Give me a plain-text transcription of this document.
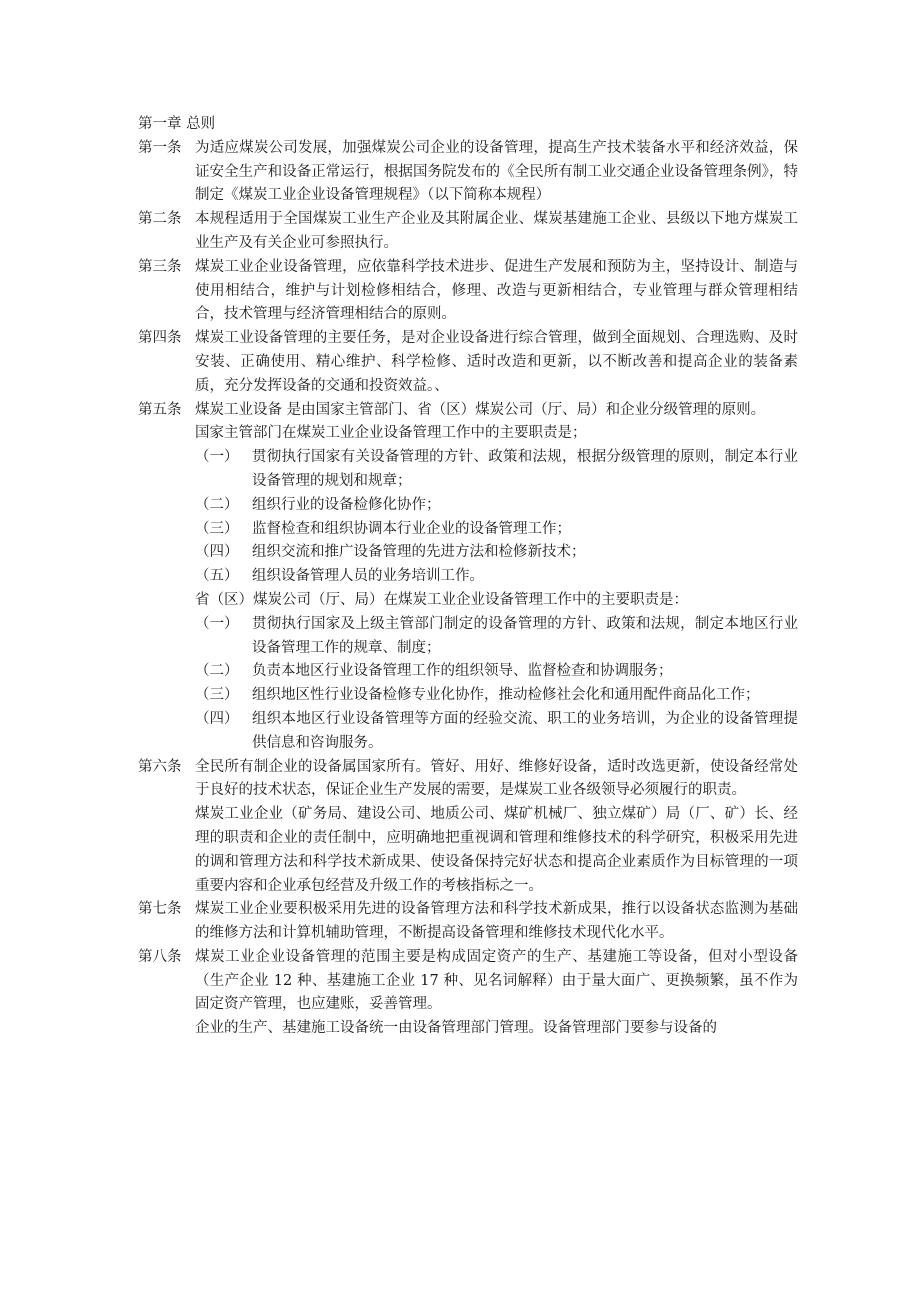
第一章 总则
第一条 为适应煤炭公司发展，加强煤炭公司企业的设备管理，提高生产技术装备水平和经济效益，保证安全生产和设备正常运行，根据国务院发布的《全民所有制工业交通企业设备管理条例》，特制定《煤炭工业企业设备管理规程》（以下简称本规程）
第二条 本规程适用于全国煤炭工业生产企业及其附属企业、煤炭基建施工企业、县级以下地方煤炭工业生产及有关企业可参照执行。
第三条 煤炭工业企业设备管理，应依靠科学技术进步、促进生产发展和预防为主，坚持设计、制造与使用相结合，维护与计划检修相结合，修理、改造与更新相结合，专业管理与群众管理相结合，技术管理与经济管理相结合的原则。
第四条 煤炭工业设备管理的主要任务，是对企业设备进行综合管理，做到全面规划、合理选购、及时安装、正确使用、精心维护、科学检修、适时改造和更新，以不断改善和提高企业的装备素质，充分发挥设备的交通和投资效益。、
第五条 煤炭工业设备 是由国家主管部门、省（区）煤炭公司（厅、局）和企业分级管理的原则。
国家主管部门在煤炭工业企业设备管理工作中的主要职责是；
（一） 贯彻执行国家有关设备管理的方针、政策和法规，根据分级管理的原则，制定本行业设备管理的规划和规章；
（二） 组织行业的设备检修化协作；
（三） 监督检查和组织协调本行业企业的设备管理工作；
（四） 组织交流和推广设备管理的先进方法和检修新技术；
（五） 组织设备管理人员的业务培训工作。
省（区）煤炭公司（厅、局）在煤炭工业企业设备管理工作中的主要职责是：
（一） 贯彻执行国家及上级主管部门制定的设备管理的方针、政策和法规，制定本地区行业设备管理工作的规章、制度；
（二） 负责本地区行业设备管理工作的组织领导、监督检查和协调服务；
（三） 组织地区性行业设备检修专业化协作，推动检修社会化和通用配件商品化工作；
（四） 组织本地区行业设备管理等方面的经验交流、职工的业务培训，为企业的设备管理提供信息和咨询服务。
第六条 全民所有制企业的设备属国家所有。管好、用好、维修好设备，适时改选更新，使设备经常处于良好的技术状态，保证企业生产发展的需要，是煤炭工业各级领导必须履行的职责。
煤炭工业企业（矿务局、建设公司、地质公司、煤矿机械厂、独立煤矿）局（厂、矿）长、经理的职责和企业的责任制中，应明确地把重视调和管理和维修技术的科学研究，积极采用先进的调和管理方法和科学技术新成果、使设备保持完好状态和提高企业素质作为目标管理的一项重要内容和企业承包经营及升级工作的考核指标之一。
第七条 煤炭工业企业要积极采用先进的设备管理方法和科学技术新成果，推行以设备状态监测为基础的维修方法和计算机辅助管理，不断提高设备管理和维修技术现代化水平。
第八条 煤炭工业企业设备管理的范围主要是构成固定资产的生产、基建施工等设备，但对小型设备（生产企业 12 种、基建施工企业 17 种、见名词解释）由于量大面广、更换频繁，虽不作为固定资产管理，也应建账，妥善管理。
企业的生产、基建施工设备统一由设备管理部门管理。设备管理部门要参与设备的
